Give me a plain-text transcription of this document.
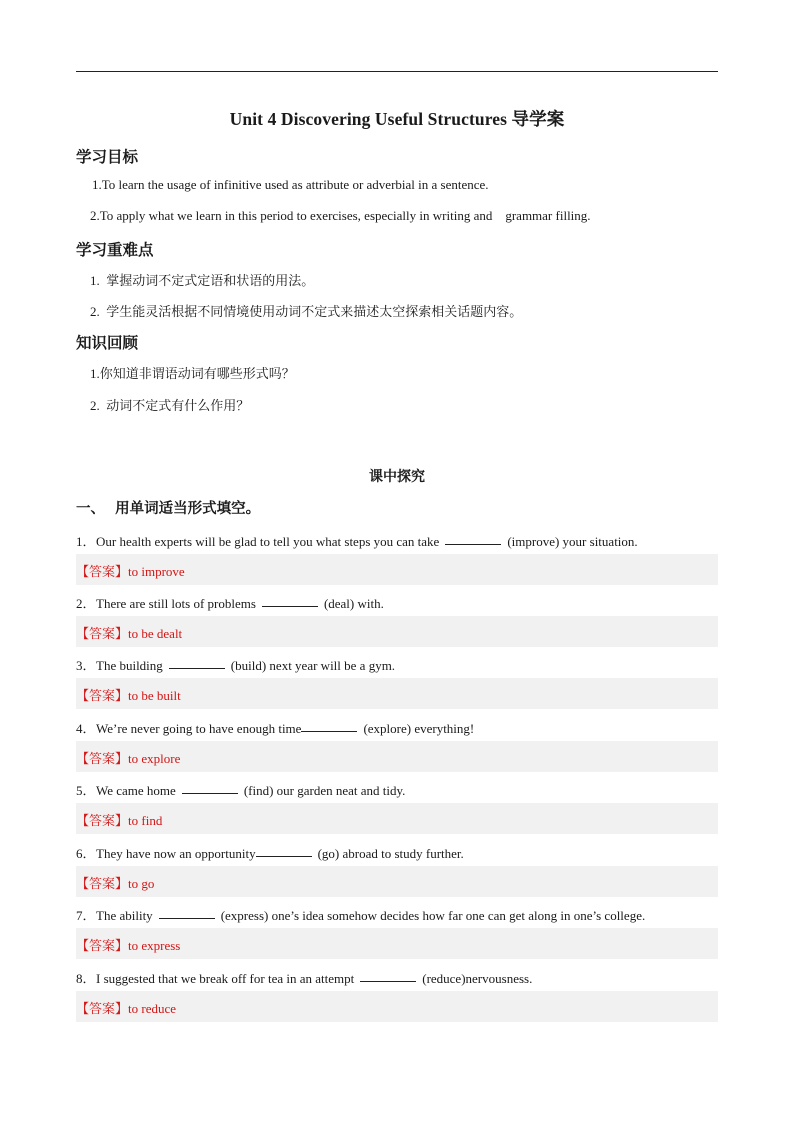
Unit 4 Discovering Useful Structures 导学案
学习目标
1.To learn the usage of infinitive used as attribute or adverbial in a sentence.
2.To apply what we learn in this period to exercises, especially in writing and    grammar filling.
学习重难点
1.  掌握动词不定式定语和状语的用法。
2.  学生能灵活根据不同情境使用动词不定式来描述太空探索相关话题内容。
知识回顾
1.你知道非谓语动词有哪些形式吗？
2.  动词不定式有什么作用？
课中探究
一、  用单词适当形式填空。
1．Our health experts will be glad to tell you what steps you can take	(improve) your situation.
【答案】to improve
2．There are still lots of problems	(deal) with.
【答案】to be dealt
3．The building	(build) next year will be a gym.
【答案】to be built
4．We’re never going to have enough time	(explore) everything!
【答案】to explore
5．We came home	(find) our garden neat and tidy.
【答案】to find
6．They have now an opportunity	(go) abroad to study further.
【答案】to go
7．The ability	(express) one’s idea somehow decides how far one can get along in one’s college.
【答案】to express
8．I suggested that we break off for tea in an attempt	(reduce)nervousness.
【答案】to reduce
